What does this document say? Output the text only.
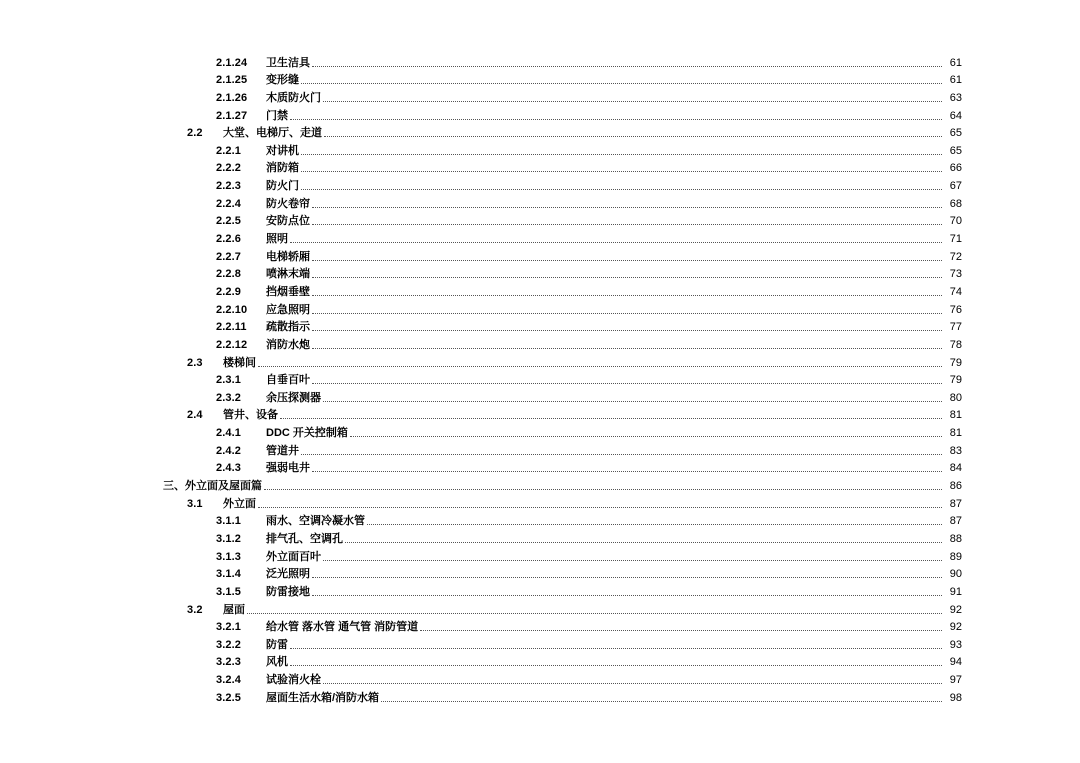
2.1.24	卫生洁具	61
2.1.25	变形缝	61
2.1.26	木质防火门	63
2.1.27	门禁	64
2.2	大堂、电梯厅、走道	65
2.2.1	对讲机	65
2.2.2	消防箱	66
2.2.3	防火门	67
2.2.4	防火卷帘	68
2.2.5	安防点位	70
2.2.6	照明	71
2.2.7	电梯轿厢	72
2.2.8	喷淋末端	73
2.2.9	挡烟垂壁	74
2.2.10	应急照明	76
2.2.11	疏散指示	77
2.2.12	消防水炮	78
2.3	楼梯间	79
2.3.1	自垂百叶	79
2.3.2	余压探测器	80
2.4	管井、设备	81
2.4.1	DDC 开关控制箱	81
2.4.2	管道井	83
2.4.3	强弱电井	84
三、外立面及屋面篇	86
3.1	外立面	87
3.1.1	雨水、空调冷凝水管	87
3.1.2	排气孔、空调孔	88
3.1.3	外立面百叶	89
3.1.4	泛光照明	90
3.1.5	防雷接地	91
3.2	屋面	92
3.2.1	给水管 落水管 通气管 消防管道	92
3.2.2	防雷	93
3.2.3	风机	94
3.2.4	试验消火栓	97
3.2.5	屋面生活水箱/消防水箱	98
